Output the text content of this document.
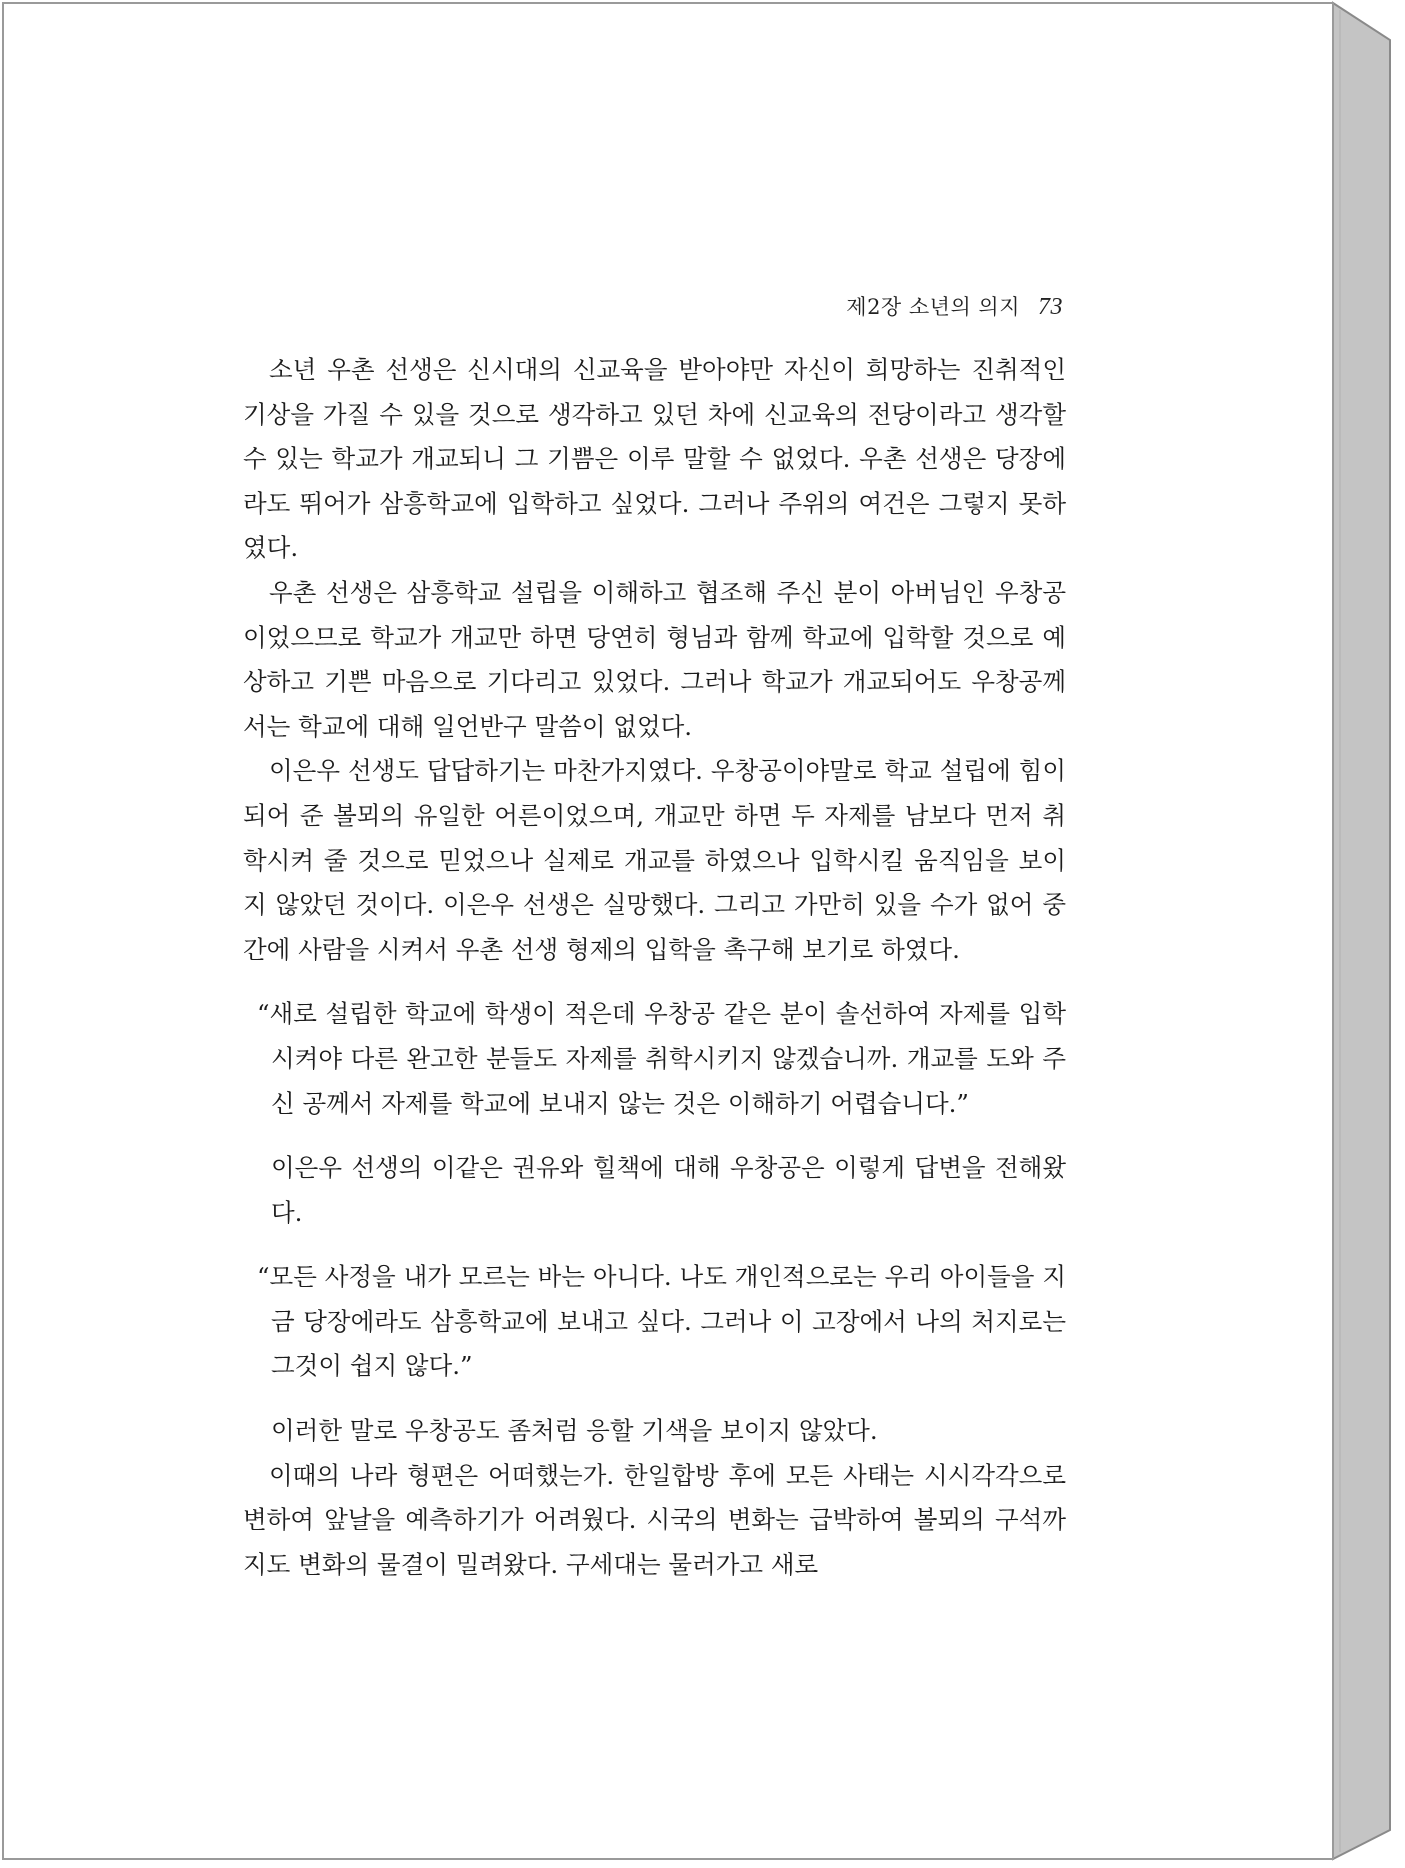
제2장 소년의 의지 73

소년 우촌 선생은 신시대의 신교육을 받아야만 자신이 희망하는 진취적인 기상을 가질 수 있을 것으로 생각하고 있던 차에 신교육의 전당이라고 생각할 수 있는 학교가 개교되니 그 기쁨은 이루 말할 수 없었다. 우촌 선생은 당장에라도 뛰어가 삼흥학교에 입학하고 싶었다. 그러나 주위의 여건은 그렇지 못하였다.

우촌 선생은 삼흥학교 설립을 이해하고 협조해 주신 분이 아버님인 우창공이었으므로 학교가 개교만 하면 당연히 형님과 함께 학교에 입학할 것으로 예상하고 기쁜 마음으로 기다리고 있었다. 그러나 학교가 개교되어도 우창공께서는 학교에 대해 일언반구 말씀이 없었다.

이은우 선생도 답답하기는 마찬가지였다. 우창공이야말로 학교 설립에 힘이되어 준 볼뫼의 유일한 어른이었으며, 개교만 하면 두 자제를 남보다 먼저 취학시켜 줄 것으로 믿었으나 실제로 개교를 하였으나 입학시킬 움직임을 보이지 않았던 것이다. 이은우 선생은 실망했다. 그리고 가만히 있을 수가 없어 중간에 사람을 시켜서 우촌 선생 형제의 입학을 촉구해 보기로 하였다.

“새로 설립한 학교에 학생이 적은데 우창공 같은 분이 솔선하여 자제를 입학시켜야 다른 완고한 분들도 자제를 취학시키지 않겠습니까. 개교를 도와 주신 공께서 자제를 학교에 보내지 않는 것은 이해하기 어렵습니다.”

이은우 선생의 이같은 권유와 힐책에 대해 우창공은 이렇게 답변을 전해왔다.

“모든 사정을 내가 모르는 바는 아니다. 나도 개인적으로는 우리 아이들을 지금 당장에라도 삼흥학교에 보내고 싶다. 그러나 이 고장에서 나의 처지로는 그것이 쉽지 않다.”

이러한 말로 우창공도 좀처럼 응할 기색을 보이지 않았다.

이때의 나라 형편은 어떠했는가. 한일합방 후에 모든 사태는 시시각각으로 변하여 앞날을 예측하기가 어려웠다. 시국의 변화는 급박하여 볼뫼의 구석까지도 변화의 물결이 밀려왔다. 구세대는 물러가고 새로
